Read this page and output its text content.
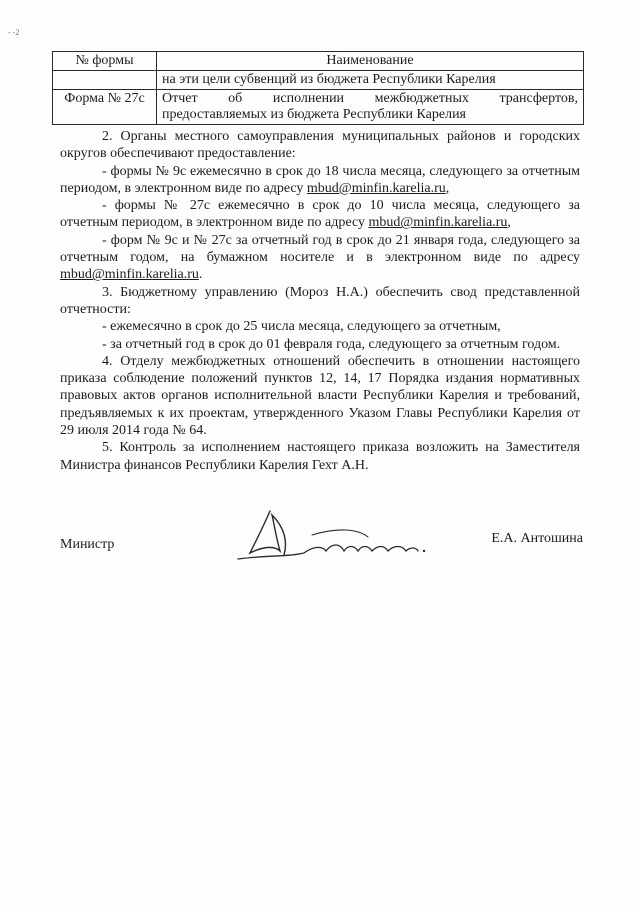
- -2
№ формы	Наименование
	на эти цели субвенций из бюджета Республики Карелия
Форма № 27с	Отчет об исполнении межбюджетных трансфертов,
предоставляемых из бюджета Республики Карелия

2. Органы местного самоуправления муниципальных районов и городских округов обеспечивают предоставление:

- формы № 9с ежемесячно в срок до 18 числа месяца, следующего за отчетным периодом, в электронном виде по адресу mbud@minfin.karelia.ru,

- формы № 27с ежемесячно в срок до 10 числа месяца, следующего за отчетным периодом, в электронном виде по адресу mbud@minfin.karelia.ru,

- форм № 9с и № 27с за отчетный год в срок до 21 января года, следующего за отчетным годом, на бумажном носителе и в электронном виде по адресу mbud@minfin.karelia.ru.

3. Бюджетному управлению (Мороз Н.А.) обеспечить свод представленной отчетности:

- ежемесячно в срок до 25 числа месяца, следующего за отчетным,

- за отчетный год в срок до 01 февраля года, следующего за отчетным годом.

4. Отделу межбюджетных отношений обеспечить в отношении настоящего приказа соблюдение положений пунктов 12, 14, 17 Порядка издания нормативных правовых актов органов исполнительной власти Республики Карелия и требований, предъявляемых к их проектам, утвержденного Указом Главы Республики Карелия от 29 июля 2014 года № 64.

5. Контроль за исполнением настоящего приказа возложить на Заместителя Министра финансов Республики Карелия Гехт А.Н.

Министр	Е.А. Антошина
